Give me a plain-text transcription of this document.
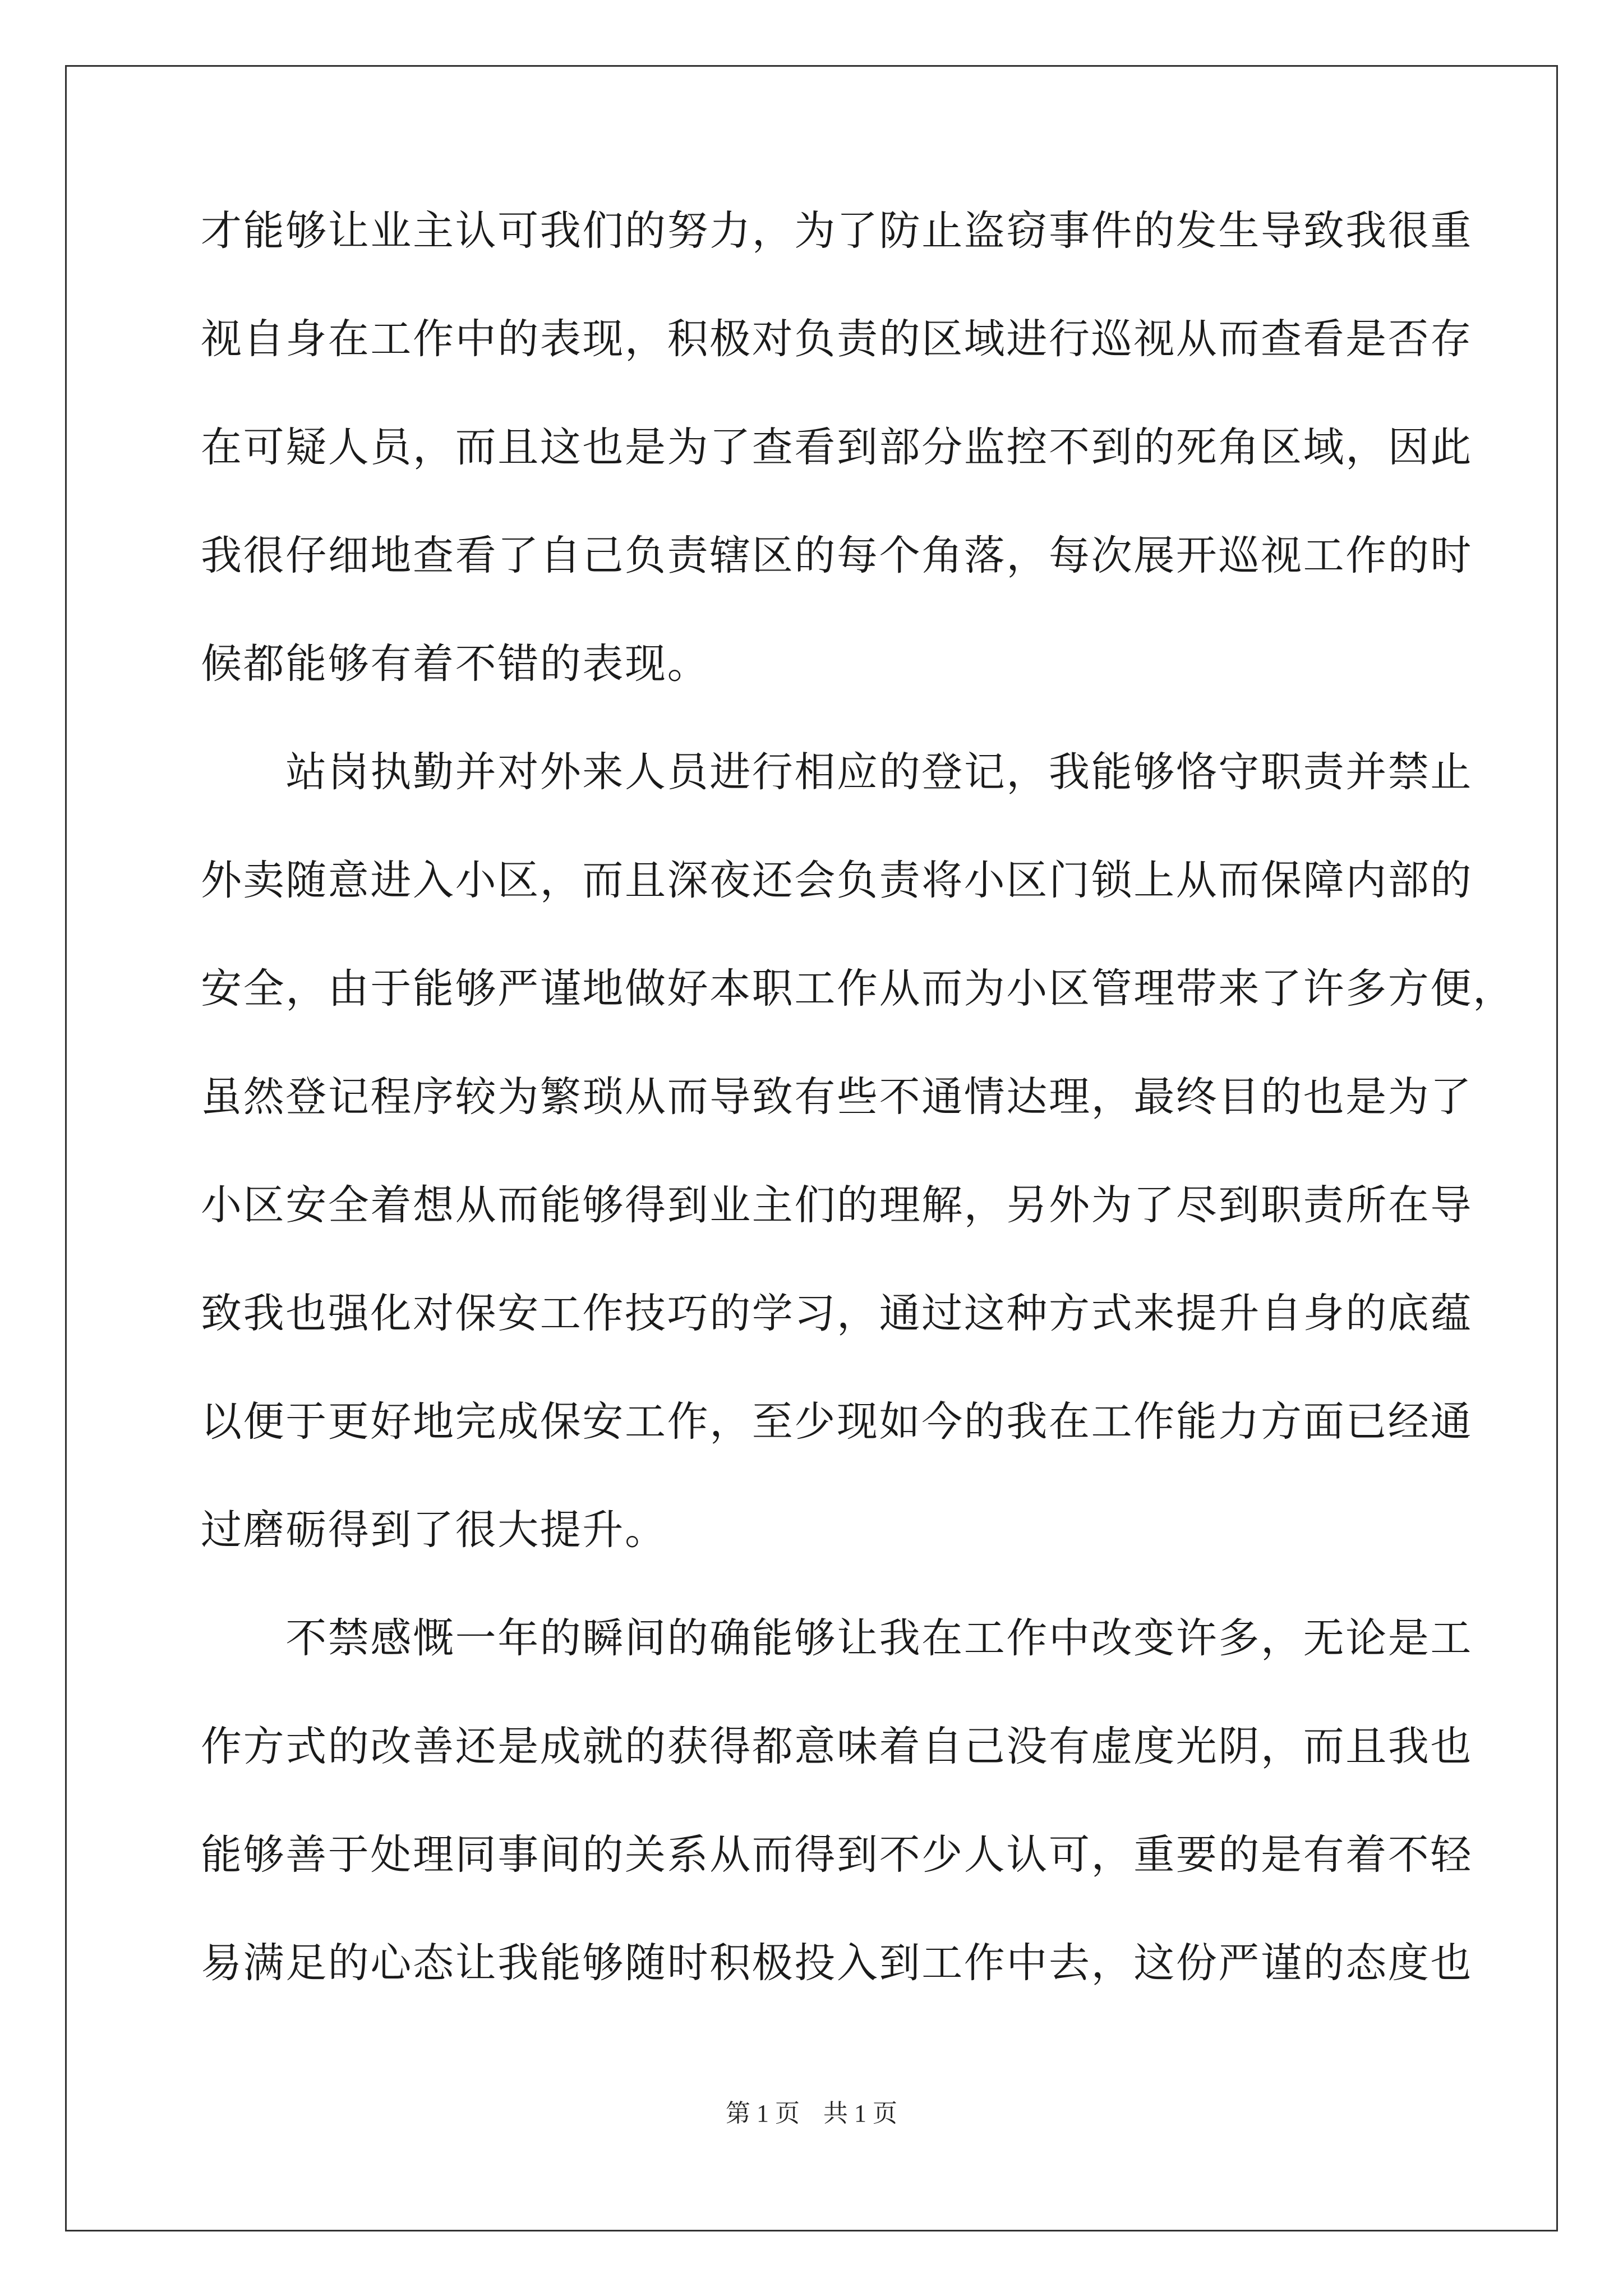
才能够让业主认可我们的努力，为了防止盗窃事件的发生导致我很重
视自身在工作中的表现，积极对负责的区域进行巡视从而查看是否存
在可疑人员，而且这也是为了查看到部分监控不到的死角区域，因此
我很仔细地查看了自己负责辖区的每个角落，每次展开巡视工作的时
候都能够有着不错的表现。
　　站岗执勤并对外来人员进行相应的登记，我能够恪守职责并禁止
外卖随意进入小区，而且深夜还会负责将小区门锁上从而保障内部的
安全，由于能够严谨地做好本职工作从而为小区管理带来了许多方便，
虽然登记程序较为繁琐从而导致有些不通情达理，最终目的也是为了
小区安全着想从而能够得到业主们的理解，另外为了尽到职责所在导
致我也强化对保安工作技巧的学习，通过这种方式来提升自身的底蕴
以便于更好地完成保安工作，至少现如今的我在工作能力方面已经通
过磨砺得到了很大提升。
　　不禁感慨一年的瞬间的确能够让我在工作中改变许多，无论是工
作方式的改善还是成就的获得都意味着自己没有虚度光阴，而且我也
能够善于处理同事间的关系从而得到不少人认可，重要的是有着不轻
易满足的心态让我能够随时积极投入到工作中去，这份严谨的态度也
第 1 页 共 1 页
